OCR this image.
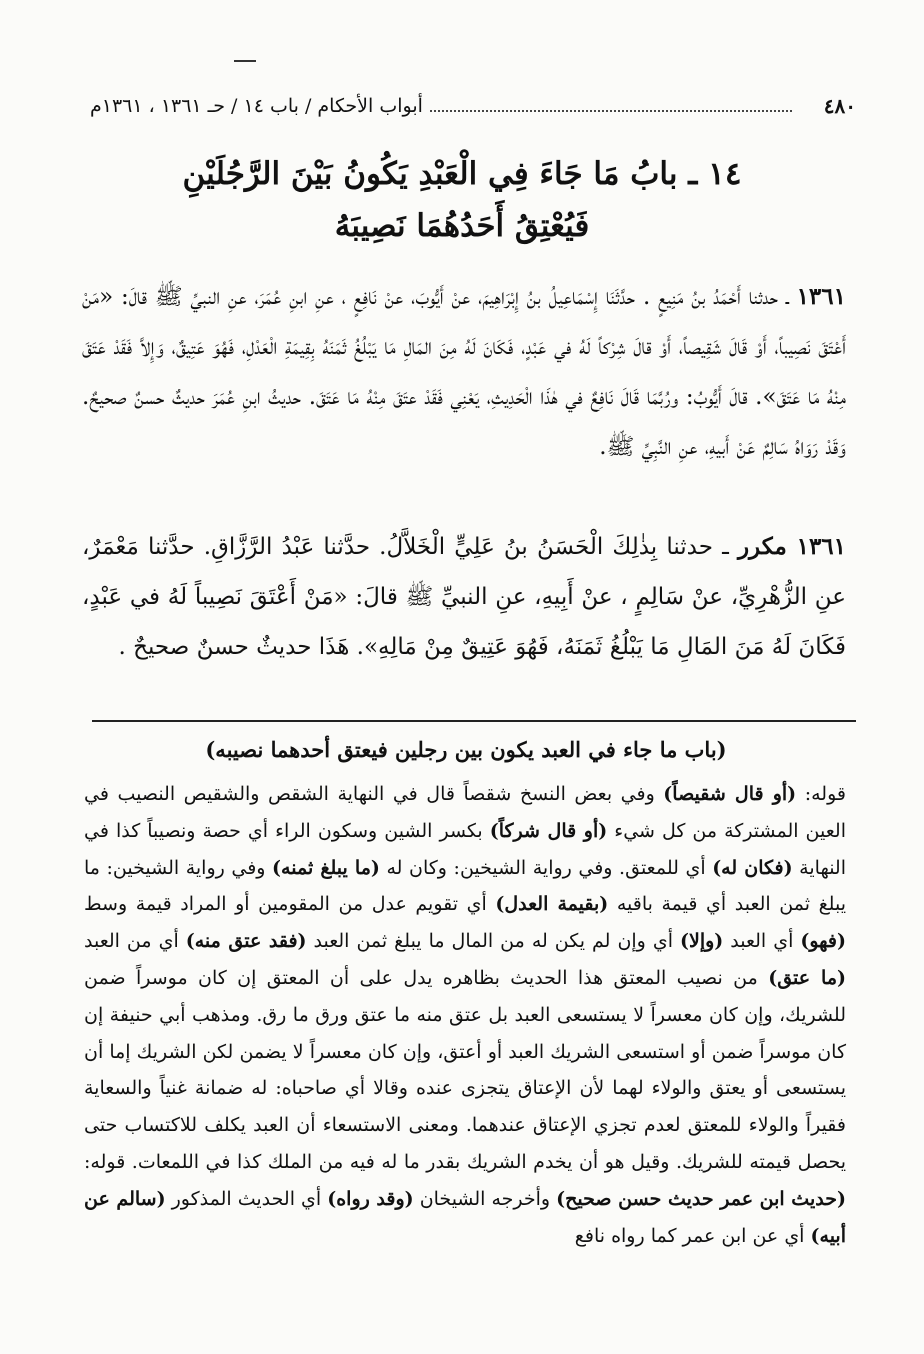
٤٨٠
أبواب الأحكام / باب ١٤ / حـ ١٣٦١ ، ١٣٦١م
١٤ ـ بابُ مَا جَاءَ فِي الْعَبْدِ يَكُونُ بَيْنَ الرَّجُلَيْنِ
فَيُعْتِقُ أَحَدُهُمَا نَصِيبَهُ

١٣٦١ ـ حدثنا أَحْمَدُ بنُ مَنِيعٍ . حدَّثَنَا إِسْمَاعِيلُ بنُ إِبْرَاهِيمَ، عنْ أَيُّوبَ، عنْ نَافِعٍ ، عنِ ابنِ عُمَرَ، عنِ النبيِّ ﷺ قالَ: «مَنْ أَعْتَقَ نَصِيباً، أَوْ قَالَ شَقِيصاً، أَوْ قالَ شِرْكاً لَهُ في عَبْدٍ، فَكَانَ لَهُ مِنَ المَالِ مَا يَبْلُغُ ثَمَنَهُ بِقِيمَةِ الْعَدْلِ، فَهُوَ عَتِيقٌ، وَإِلاَّ فَقَدْ عَتَقَ مِنْهُ مَا عَتَقَ». قالَ أَيُّوبُ: ورُبَّمَا قَالَ نَافِعٌ في هٰذَا الْحَدِيثِ، يَعْنِي فَقَدْ عتَقَ مِنْهُ مَا عَتَقَ. حديثُ ابنِ عُمَرَ حديثٌ حسنٌ صحيحٌ. وَقَدْ رَوَاهُ سَالِمٌ عَنْ أَبيهِ، عنِ النَّبِيِّ ﷺ.

١٣٦١ مكرر ـ حدثنا بِذٰلِكَ الْحَسَنُ بنُ عَلِيٍّ الْخَلاَّلُ. حدَّثنا عَبْدُ الرَّزَّاقِ. حدَّثنا مَعْمَرٌ، عنِ الزُّهْرِيِّ، عنْ سَالِمٍ ، عنْ أَبِيهِ، عنِ النبيِّ ﷺ قالَ: «مَنْ أَعْتَقَ نَصِيباً لَهُ في عَبْدٍ، فَكَانَ لَهُ مَنَ المَالِ مَا يَبْلُغُ ثَمَنَهُ، فَهُوَ عَتِيقٌ مِنْ مَالِهِ». هَذَا حديثٌ حسنٌ صحيحٌ .

(باب ما جاء في العبد يكون بين رجلين فيعتق أحدهما نصيبه)

قوله: (أو قال شقيصاً) وفي بعض النسخ شقصاً قال في النهاية الشقص والشقيص النصيب في العين المشتركة من كل شيء (أو قال شركاً) بكسر الشين وسكون الراء أي حصة ونصيباً كذا في النهاية (فكان له) أي للمعتق. وفي رواية الشيخين: وكان له (ما يبلغ ثمنه) وفي رواية الشيخين: ما يبلغ ثمن العبد أي قيمة باقيه (بقيمة العدل) أي تقويم عدل من المقومين أو المراد قيمة وسط (فهو) أي العبد (وإلا) أي وإن لم يكن له من المال ما يبلغ ثمن العبد (فقد عتق منه) أي من العبد (ما عتق) من نصيب المعتق هذا الحديث بظاهره يدل على أن المعتق إن كان موسراً ضمن للشريك، وإن كان معسراً لا يستسعى العبد بل عتق منه ما عتق ورق ما رق. ومذهب أبي حنيفة إن كان موسراً ضمن أو استسعى الشريك العبد أو أعتق، وإن كان معسراً لا يضمن لكن الشريك إما أن يستسعى أو يعتق والولاء لهما لأن الإعتاق يتجزى عنده وقالا أي صاحباه: له ضمانة غنياً والسعاية فقيراً والولاء للمعتق لعدم تجزي الإعتاق عندهما. ومعنى الاستسعاء أن العبد يكلف للاكتساب حتى يحصل قيمته للشريك. وقيل هو أن يخدم الشريك بقدر ما له فيه من الملك كذا في اللمعات. قوله: (حديث ابن عمر حديث حسن صحيح) وأخرجه الشيخان (وقد رواه) أي الحديث المذكور (سالم عن أبيه) أي عن ابن عمر كما رواه نافع
